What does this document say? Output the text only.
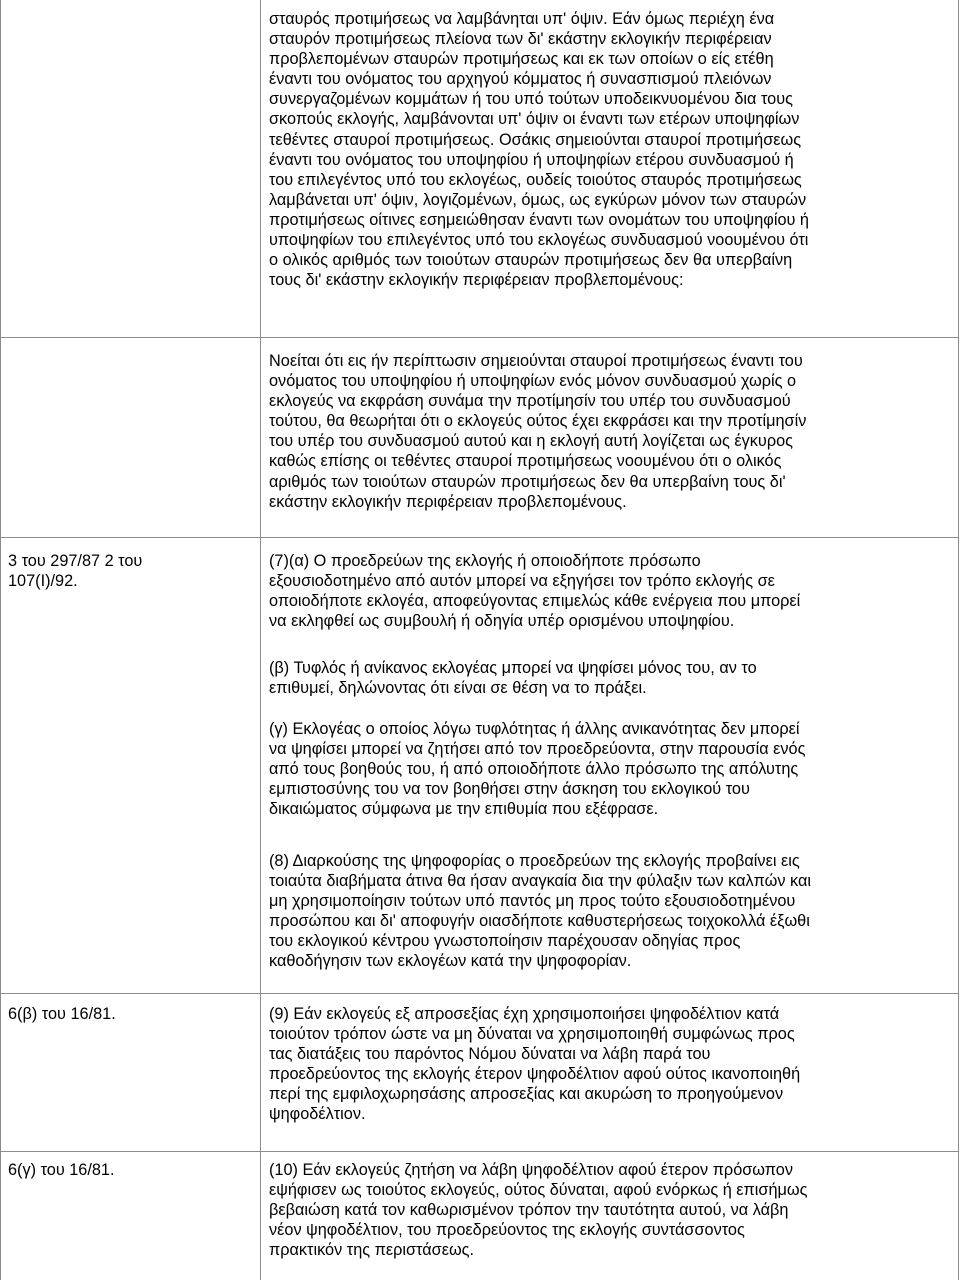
σταυρός προτιμήσεως να λαμβάνηται υπ' όψιν. Εάν όμως περιέχη ένα
σταυρόν προτιμήσεως πλείονα των δι' εκάστην εκλογικήν περιφέρειαν
προβλεπομένων σταυρών προτιμήσεως και εκ των οποίων ο είς ετέθη
έναντι του ονόματος του αρχηγού κόμματος ή συνασπισμού πλειόνων
συνεργαζομένων κομμάτων ή του υπό τούτων υποδεικνυομένου δια τους
σκοπούς εκλογής, λαμβάνονται υπ' όψιν οι έναντι των ετέρων υποψηφίων
τεθέντες σταυροί προτιμήσεως. Οσάκις σημειούνται σταυροί προτιμήσεως
έναντι του ονόματος του υποψηφίου ή υποψηφίων ετέρου συνδυασμού ή
του επιλεγέντος υπό του εκλογέως, ουδείς τοιούτος σταυρός προτιμήσεως
λαμβάνεται υπ' όψιν, λογιζομένων, όμως, ως εγκύρων μόνον των σταυρών
προτιμήσεως οίτινες εσημειώθησαν έναντι των ονομάτων του υποψηφίου ή
υποψηφίων του επιλεγέντος υπό του εκλογέως συνδυασμού νοουμένου ότι
ο ολικός αριθμός των τοιούτων σταυρών προτιμήσεως δεν θα υπερβαίνη
τους δι' εκάστην εκλογικήν περιφέρειαν προβλεπομένους:
Νοείται ότι εις ήν περίπτωσιν σημειούνται σταυροί προτιμήσεως έναντι του
ονόματος του υποψηφίου ή υποψηφίων ενός μόνον συνδυασμού χωρίς ο
εκλογεύς να εκφράση συνάμα την προτίμησίν του υπέρ του συνδυασμού
τούτου, θα θεωρήται ότι ο εκλογεύς ούτος έχει εκφράσει και την προτίμησίν
του υπέρ του συνδυασμού αυτού και η εκλογή αυτή λογίζεται ως έγκυρος
καθώς επίσης οι τεθέντες σταυροί προτιμήσεως νοουμένου ότι ο ολικός
αριθμός των τοιούτων σταυρών προτιμήσεως δεν θα υπερβαίνη τους δι'
εκάστην εκλογικήν περιφέρειαν προβλεπομένους.
3 του 297/87 2 του
107(Ι)/92.
(7)(α) Ο προεδρεύων της εκλογής ή οποιοδήποτε πρόσωπο
εξουσιοδοτημένο από αυτόν μπορεί να εξηγήσει τον τρόπο εκλογής σε
οποιοδήποτε εκλογέα, αποφεύγοντας επιμελώς κάθε ενέργεια που μπορεί
να εκληφθεί ως συμβουλή ή οδηγία υπέρ ορισμένου υποψηφίου.
(β) Τυφλός ή ανίκανος εκλογέας μπορεί να ψηφίσει μόνος του, αν το
επιθυμεί, δηλώνοντας ότι είναι σε θέση να το πράξει.
(γ) Εκλογέας ο οποίος λόγω τυφλότητας ή άλλης ανικανότητας δεν μπορεί
να ψηφίσει μπορεί να ζητήσει από τον προεδρεύοντα, στην παρουσία ενός
από τους βοηθούς του, ή από οποιοδήποτε άλλο πρόσωπο της απόλυτης
εμπιστοσύνης του να τον βοηθήσει στην άσκηση του εκλογικού του
δικαιώματος σύμφωνα με την επιθυμία που εξέφρασε.
(8) Διαρκούσης της ψηφοφορίας ο προεδρεύων της εκλογής προβαίνει εις
τοιαύτα διαβήματα άτινα θα ήσαν αναγκαία δια την φύλαξιν των καλπών και
μη χρησιμοποίησιν τούτων υπό παντός μη προς τούτο εξουσιοδοτημένου
προσώπου και δι' αποφυγήν οιασδήποτε καθυστερήσεως τοιχοκολλά έξωθι
του εκλογικού κέντρου γνωστοποίησιν παρέχουσαν οδηγίας προς
καθοδήγησιν των εκλογέων κατά την ψηφοφορίαν.
6(β) του 16/81.	(9) Εάν εκλογεύς εξ απροσεξίας έχη χρησιμοποιήσει ψηφοδέλτιον κατά
τοιούτον τρόπον ώστε να μη δύναται να χρησιμοποιηθή συμφώνως προς
τας διατάξεις του παρόντος Νόμου δύναται να λάβη παρά του
προεδρεύοντος της εκλογής έτερον ψηφοδέλτιον αφού ούτος ικανοποιηθή
περί της εμφιλοχωρησάσης απροσεξίας και ακυρώση το προηγούμενον
ψηφοδέλτιον.
6(γ) του 16/81.	(10) Εάν εκλογεύς ζητήση να λάβη ψηφοδέλτιον αφού έτερον πρόσωπον
εψήφισεν ως τοιούτος εκλογεύς, ούτος δύναται, αφού ενόρκως ή επισήμως
βεβαιώση κατά τον καθωρισμένον τρόπον την ταυτότητα αυτού, να λάβη
νέον ψηφοδέλτιον, του προεδρεύοντος της εκλογής συντάσσοντος
πρακτικόν της περιστάσεως.
